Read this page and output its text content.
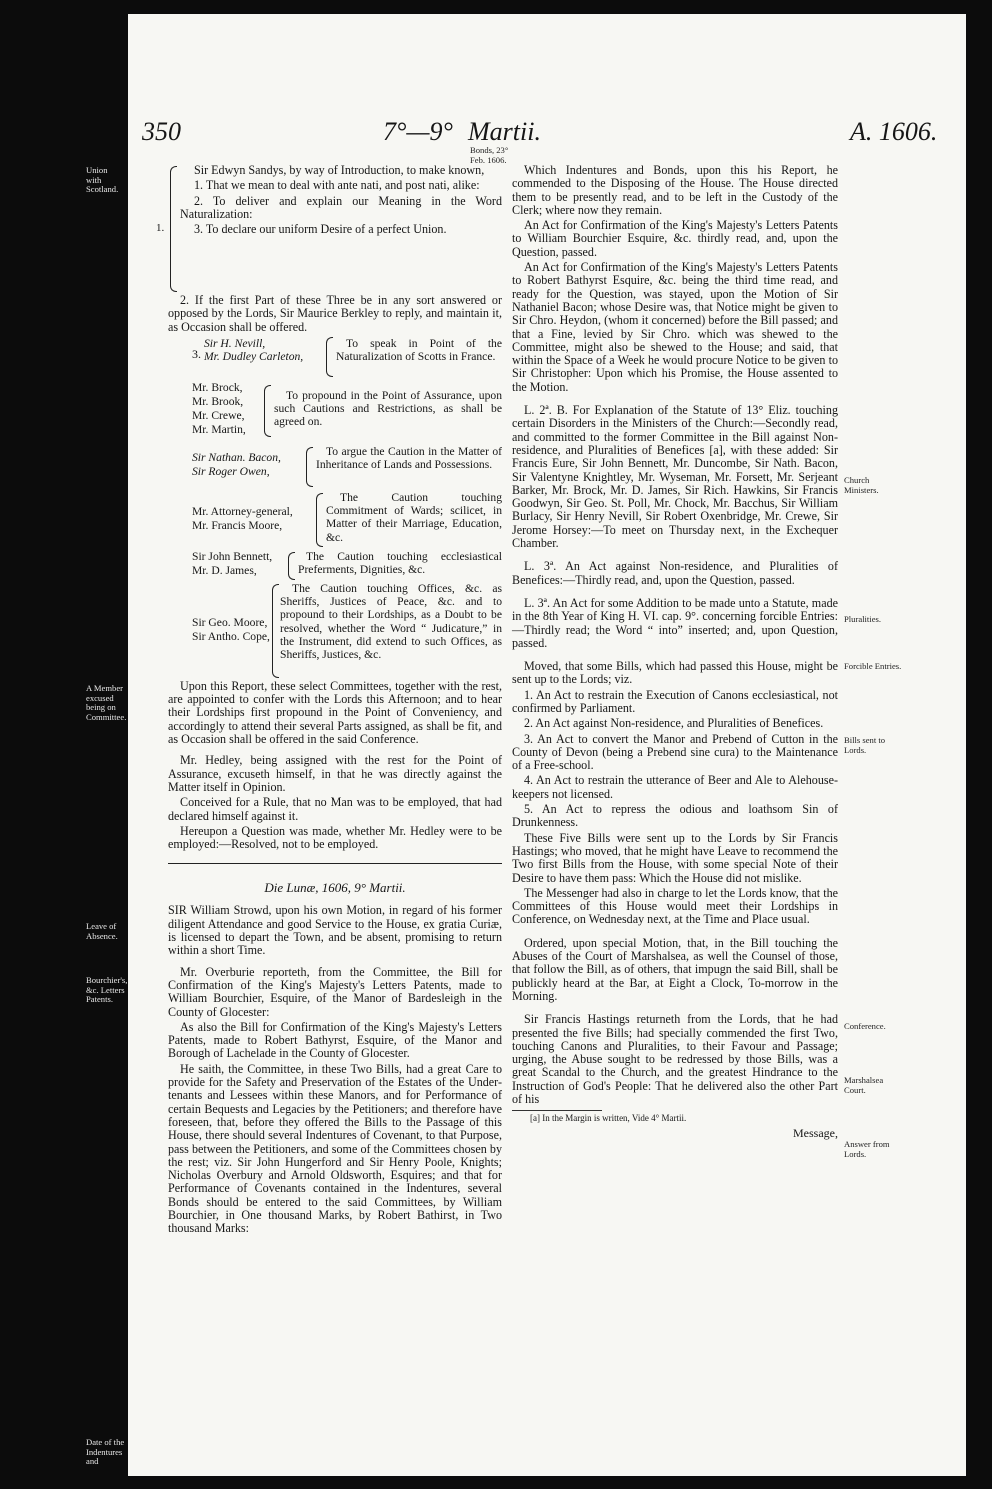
350	7°—9° Martii.	A. 1606.
1.

Sir Edwyn Sandys, by way of Introduction, to make known,

1. That we mean to deal with ante nati, and post nati, alike:

2. To deliver and explain our Meaning in the Word Naturalization:

3. To declare our uniform Desire of a perfect Union.

2. If the first Part of these Three be in any sort answered or opposed by the Lords, Sir Maurice Berkley to reply, and maintain it, as Occasion shall be offered.

3.
Sir H. Nevill,
Mr. Dudley Carleton,
To speak in Point of the Naturalization of Scotts in France.
Mr. Brock,
Mr. Brook,
Mr. Crewe,
Mr. Martin,
To propound in the Point of Assurance, upon such Cautions and Restrictions, as shall be agreed on.
Sir Nathan. Bacon,
Sir Roger Owen,
To argue the Caution in the Matter of Inheritance of Lands and Possessions.
Mr. Attorney-general,
Mr. Francis Moore,
The Caution touching Commitment of Wards; scilicet, in Matter of their Marriage, Education, &c.
Sir John Bennett,
Mr. D. James,
The Caution touching ecclesiastical Preferments, Dignities, &c.
Sir Geo. Moore,
Sir Antho. Cope,
The Caution touching Offices, &c. as Sheriffs, Justices of Peace, &c. and to propound to their Lordships, as a Doubt to be resolved, whether the Word “ Judicature,” in the Instrument, did extend to such Offices, as Sheriffs, Justices, &c.

Upon this Report, these select Committees, together with the rest, are appointed to confer with the Lords this Afternoon; and to hear their Lordships first propound in the Point of Conveniency, and accordingly to attend their several Parts assigned, as shall be fit, and as Occasion shall be offered in the said Conference.

Mr. Hedley, being assigned with the rest for the Point of Assurance, excuseth himself, in that he was directly against the Matter itself in Opinion.

Conceived for a Rule, that no Man was to be employed, that had declared himself against it.

Hereupon a Question was made, whether Mr. Hedley were to be employed:—Resolved, not to be employed.

Die Lunæ, 1606, 9° Martii.

SIR William Strowd, upon his own Motion, in regard of his former diligent Attendance and good Service to the House, ex gratia Curiæ, is licensed to depart the Town, and be absent, promising to return within a short Time.

Mr. Overburie reporteth, from the Committee, the Bill for Confirmation of the King's Majesty's Letters Patents, made to William Bourchier, Esquire, of the Manor of Bardesleigh in the County of Glocester:

As also the Bill for Confirmation of the King's Majesty's Letters Patents, made to Robert Bathyrst, Esquire, of the Manor and Borough of Lachelade in the County of Glocester.

He saith, the Committee, in these Two Bills, had a great Care to provide for the Safety and Preservation of the Estates of the Under-tenants and Lessees within these Manors, and for Performance of certain Bequests and Legacies by the Petitioners; and therefore have foreseen, that, before they offered the Bills to the Passage of this House, there should several Indentures of Covenant, to that Purpose, pass between the Petitioners, and some of the Committees chosen by the rest; viz. Sir John Hungerford and Sir Henry Poole, Knights; Nicholas Overbury and Arnold Oldsworth, Esquires; and that for Performance of Covenants contained in the Indentures, several Bonds should be entered to the said Committees, by William Bourchier, in One thousand Marks, by Robert Bathirst, in Two thousand Marks:

Which Indentures and Bonds, upon this his Report, he commended to the Disposing of the House. The House directed them to be presently read, and to be left in the Custody of the Clerk; where now they remain.

An Act for Confirmation of the King's Majesty's Letters Patents to William Bourchier Esquire, &c. thirdly read, and, upon the Question, passed.

An Act for Confirmation of the King's Majesty's Letters Patents to Robert Bathyrst Esquire, &c. being the third time read, and ready for the Question, was stayed, upon the Motion of Sir Nathaniel Bacon; whose Desire was, that Notice might be given to Sir Chro. Heydon, (whom it concerned) before the Bill passed; and that a Fine, levied by Sir Chro. which was shewed to the Committee, might also be shewed to the House; and said, that within the Space of a Week he would procure Notice to be given to Sir Christopher: Upon which his Promise, the House assented to the Motion.

L. 2ª. B. For Explanation of the Statute of 13° Eliz. touching certain Disorders in the Ministers of the Church:—Secondly read, and committed to the former Committee in the Bill against Non-residence, and Pluralities of Benefices [a], with these added: Sir Francis Eure, Sir John Bennett, Mr. Duncombe, Sir Nath. Bacon, Sir Valentyne Knightley, Mr. Wyseman, Mr. Forsett, Mr. Serjeant Barker, Mr. Brock, Mr. D. James, Sir Rich. Hawkins, Sir Francis Goodwyn, Sir Geo. St. Poll, Mr. Chock, Mr. Bacchus, Sir William Burlacy, Sir Henry Nevill, Sir Robert Oxenbridge, Mr. Crewe, Sir Jerome Horsey:—To meet on Thursday next, in the Exchequer Chamber.

L. 3ª. An Act against Non-residence, and Pluralities of Benefices:—Thirdly read, and, upon the Question, passed.

L. 3ª. An Act for some Addition to be made unto a Statute, made in the 8th Year of King H. VI. cap. 9°. concerning forcible Entries:—Thirdly read; the Word “ into” inserted; and, upon Question, passed.

Moved, that some Bills, which had passed this House, might be sent up to the Lords; viz.

1. An Act to restrain the Execution of Canons ecclesiastical, not confirmed by Parliament.

2. An Act against Non-residence, and Pluralities of Benefices.

3. An Act to convert the Manor and Prebend of Cutton in the County of Devon (being a Prebend sine cura) to the Maintenance of a Free-school.

4. An Act to restrain the utterance of Beer and Ale to Alehouse-keepers not licensed.

5. An Act to repress the odious and loathsom Sin of Drunkenness.

These Five Bills were sent up to the Lords by Sir Francis Hastings; who moved, that he might have Leave to recommend the Two first Bills from the House, with some special Note of their Desire to have them pass: Which the House did not mislike.

The Messenger had also in charge to let the Lords know, that the Committees of this House would meet their Lordships in Conference, on Wednesday next, at the Time and Place usual.

Ordered, upon special Motion, that, in the Bill touching the Abuses of the Court of Marshalsea, as well the Counsel of those, that follow the Bill, as of others, that impugn the said Bill, shall be publickly heard at the Bar, at Eight a Clock, To-morrow in the Morning.

Sir Francis Hastings returneth from the Lords, that he had presented the five Bills; had specially commended the first Two, touching Canons and Pluralities, to their Favour and Passage; urging, the Abuse sought to be redressed by those Bills, was a great Scandal to the Church, and the greatest Hindrance to the Instruction of God's People: That he delivered also the other Part of his

[a] In the Margin is written, Vide 4° Martii.
Message,
Church Ministers.
Pluralities.
Forcible Entries.
Bills sent to Lords.
Conference.
Marshalsea Court.
Answer from Lords.
Union with Scotland.
A Member excused being on Committee.
Leave of Absence.
Bourchier's, &c. Letters Patents.
Date of the Indentures and
Bonds, 23° Feb. 1606.
